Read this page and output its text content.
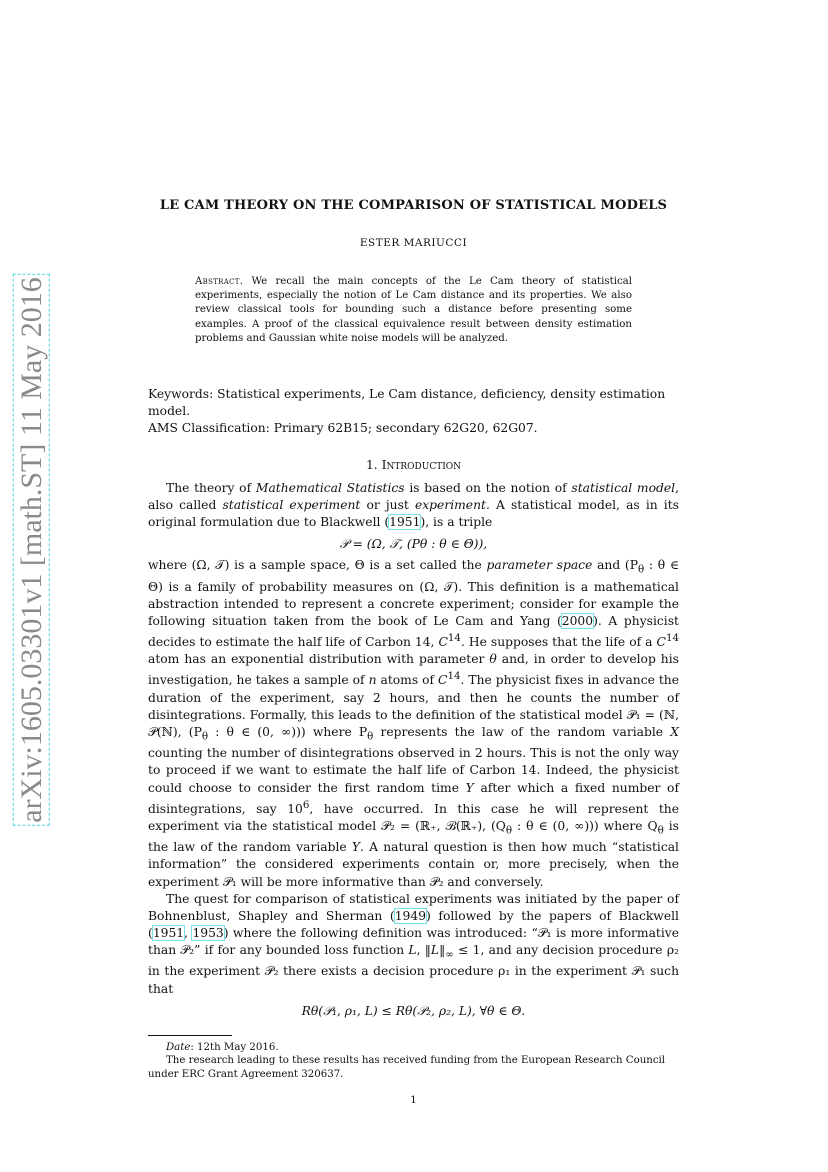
arXiv:1605.03301v1 [math.ST] 11 May 2016
LE CAM THEORY ON THE COMPARISON OF STATISTICAL MODELS
ESTER MARIUCCI
Abstract. We recall the main concepts of the Le Cam theory of statistical experiments, especially the notion of Le Cam distance and its properties. We also review classical tools for bounding such a distance before presenting some examples. A proof of the classical equivalence result between density estimation problems and Gaussian white noise models will be analyzed.
Keywords: Statistical experiments, Le Cam distance, deficiency, density estimation model.
AMS Classification: Primary 62B15; secondary 62G20, 62G07.
1. Introduction

The theory of Mathematical Statistics is based on the notion of statistical model, also called statistical experiment or just experiment. A statistical model, as in its original formulation due to Blackwell (1951), is a triple

𝒫 = (Ω, 𝒯, (Pθ : θ ∈ Θ)),

where (Ω, 𝒯) is a sample space, Θ is a set called the parameter space and ($P_\theta$ : θ ∈ Θ) is a family of probability measures on (Ω, 𝒯). This definition is a mathematical abstraction intended to represent a concrete experiment; consider for example the following situation taken from the book of Le Cam and Yang (2000). A physicist decides to estimate the half life of Carbon 14, $C^{14}$. He supposes that the life of a $C^{14}$ atom has an exponential distribution with parameter θ and, in order to develop his investigation, he takes a sample of n atoms of $C^{14}$. The physicist fixes in advance the duration of the experiment, say 2 hours, and then he counts the number of disintegrations. Formally, this leads to the definition of the statistical model 𝒫₁ = (ℕ, 𝒫(ℕ), ($P_\theta$ : θ ∈ (0, ∞))) where $P_\theta$ represents the law of the random variable X counting the number of disintegrations observed in 2 hours. This is not the only way to proceed if we want to estimate the half life of Carbon 14. Indeed, the physicist could choose to consider the first random time Y after which a fixed number of disintegrations, say $10^6$, have occurred. In this case he will represent the experiment via the statistical model 𝒫₂ = (ℝ₊, ℬ(ℝ₊), ($Q_\theta$ : θ ∈ (0, ∞))) where $Q_\theta$ is the law of the random variable Y. A natural question is then how much “statistical information” the considered experiments contain or, more precisely, when the experiment 𝒫₁ will be more informative than 𝒫₂ and conversely.

The quest for comparison of statistical experiments was initiated by the paper of Bohnenblust, Shapley and Sherman (1949) followed by the papers of Blackwell (1951, 1953) where the following definition was introduced: “𝒫₁ is more informative than 𝒫₂” if for any bounded loss function L, $‖L‖_\infty \le 1$, and any decision procedure ρ₂ in the experiment 𝒫₂ there exists a decision procedure ρ₁ in the experiment 𝒫₁ such that

Rθ(𝒫₁, ρ₁, L) ≤ Rθ(𝒫₂, ρ₂, L), ∀θ ∈ Θ.
Date: 12th May 2016.
The research leading to these results has received funding from the European Research Council under ERC Grant Agreement 320637.
1
